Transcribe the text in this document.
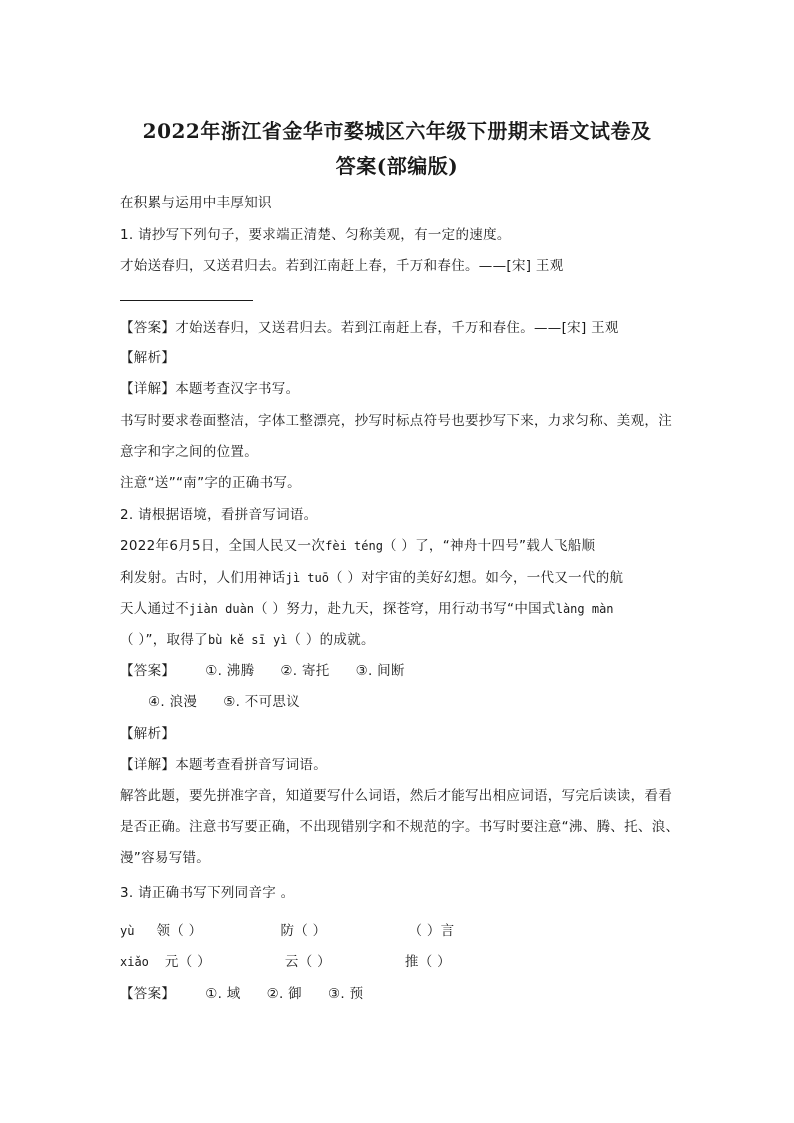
2022年浙江省金华市婺城区六年级下册期末语文试卷及
答案(部编版)
在积累与运用中丰厚知识
1. 请抄写下列句子，要求端正清楚、匀称美观，有一定的速度。
才始送春归，又送君归去。若到江南赶上春，千万和春住。——[宋] 王观
【答案】才始送春归，又送君归去。若到江南赶上春，千万和春住。——[宋] 王观
【解析】
【详解】本题考查汉字书写。
书写时要求卷面整洁，字体工整漂亮，抄写时标点符号也要抄写下来，力求匀称、美观，注
意字和字之间的位置。
注意“送”“南”字的正确书写。
2. 请根据语境，看拼音写词语。
2022年6月5日，全国人民又一次fèi téng（ ）了，“神舟十四号”载人飞船顺
利发射。古时，人们用神话jì tuō（ ）对宇宙的美好幻想。如今，一代又一代的航
天人通过不jiàn duàn（ ）努力，赴九天，探苍穹，用行动书写“中国式làng màn
（ ）”，取得了bù kě sī yì（ ）的成就。
【答案】 ①. 沸腾 ②. 寄托 ③. 间断
④. 浪漫 ⑤. 不可思议
【解析】
【详解】本题考查看拼音写词语。
解答此题，要先拼准字音，知道要写什么词语，然后才能写出相应词语，写完后读读，看看
是否正确。注意书写要正确，不出现错别字和不规范的字。书写时要注意“沸、腾、托、浪、
漫”容易写错。
3. 请正确书写下列同音字 。
yù 领（ ）	防（ ）	（ ）言
xiǎo 元（ ）	云（ ）	推（ ）
【答案】 ①. 域 ②. 御 ③. 预
